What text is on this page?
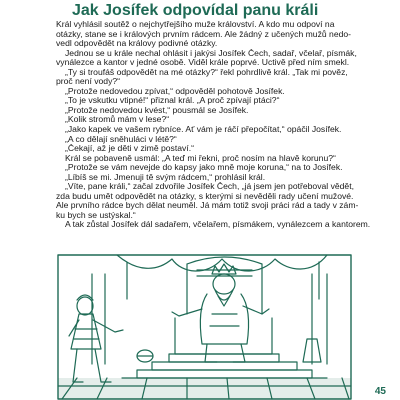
Jak Josífek odpovídal panu králi

Král vyhlásil soutěž o nejchytřejšího muže království. A kdo mu odpoví na

otázky, stane se i králových prvním rádcem. Ale žádný z učených mužů nedo-

vedl odpovědět na královy podivné otázky.

Jednou se u krále nechal ohlásit i jakýsi Josífek Čech, sadař, včelař, písmák,

vynálezce a kantor v jedné osobě. Viděl krále poprvé. Uctivě před ním smekl.

„Ty si troufáš odpovědět na mé otázky?“ řekl pohrdlivě král. „Tak mi pověz,

proč není vody?“

„Protože nedovedou zpívat,“ odpověděl pohotově Josífek.

„To je vskutku vtipné!“ přiznal král. „A proč zpívají ptáci?“

„Protože nedovedou kvést,“ pousmál se Josífek.

„Kolik stromů mám v lese?“

„Jako kapek ve vašem rybníce. Ať vám je ráčí přepočítat,“ opáčil Josífek.

„A co dělají sněhuláci v létě?“

„Čekají, až je děti v zimě postaví.“

Král se pobaveně usmál: „A teď mi řekni, proč nosím na hlavě korunu?“

„Protože se vám nevejde do kapsy jako mně moje koruna,“ na to Josífek.

„Líbíš se mi. Jmenuji tě svým rádcem,“ prohlásil král.

„Víte, pane králi,“ začal zdvořile Josífek Čech, „já jsem jen potřeboval vědět,

zda budu umět odpovědět na otázky, s kterými si nevěděli rady učení mužové.

Ale prvního rádce bych dělat neuměl. Já mám totiž svoji práci rád a tady v zám-

ku bych se ustýskal.“

A tak zůstal Josífek dál sadařem, včelařem, písmákem, vynálezcem a kantorem.

45
